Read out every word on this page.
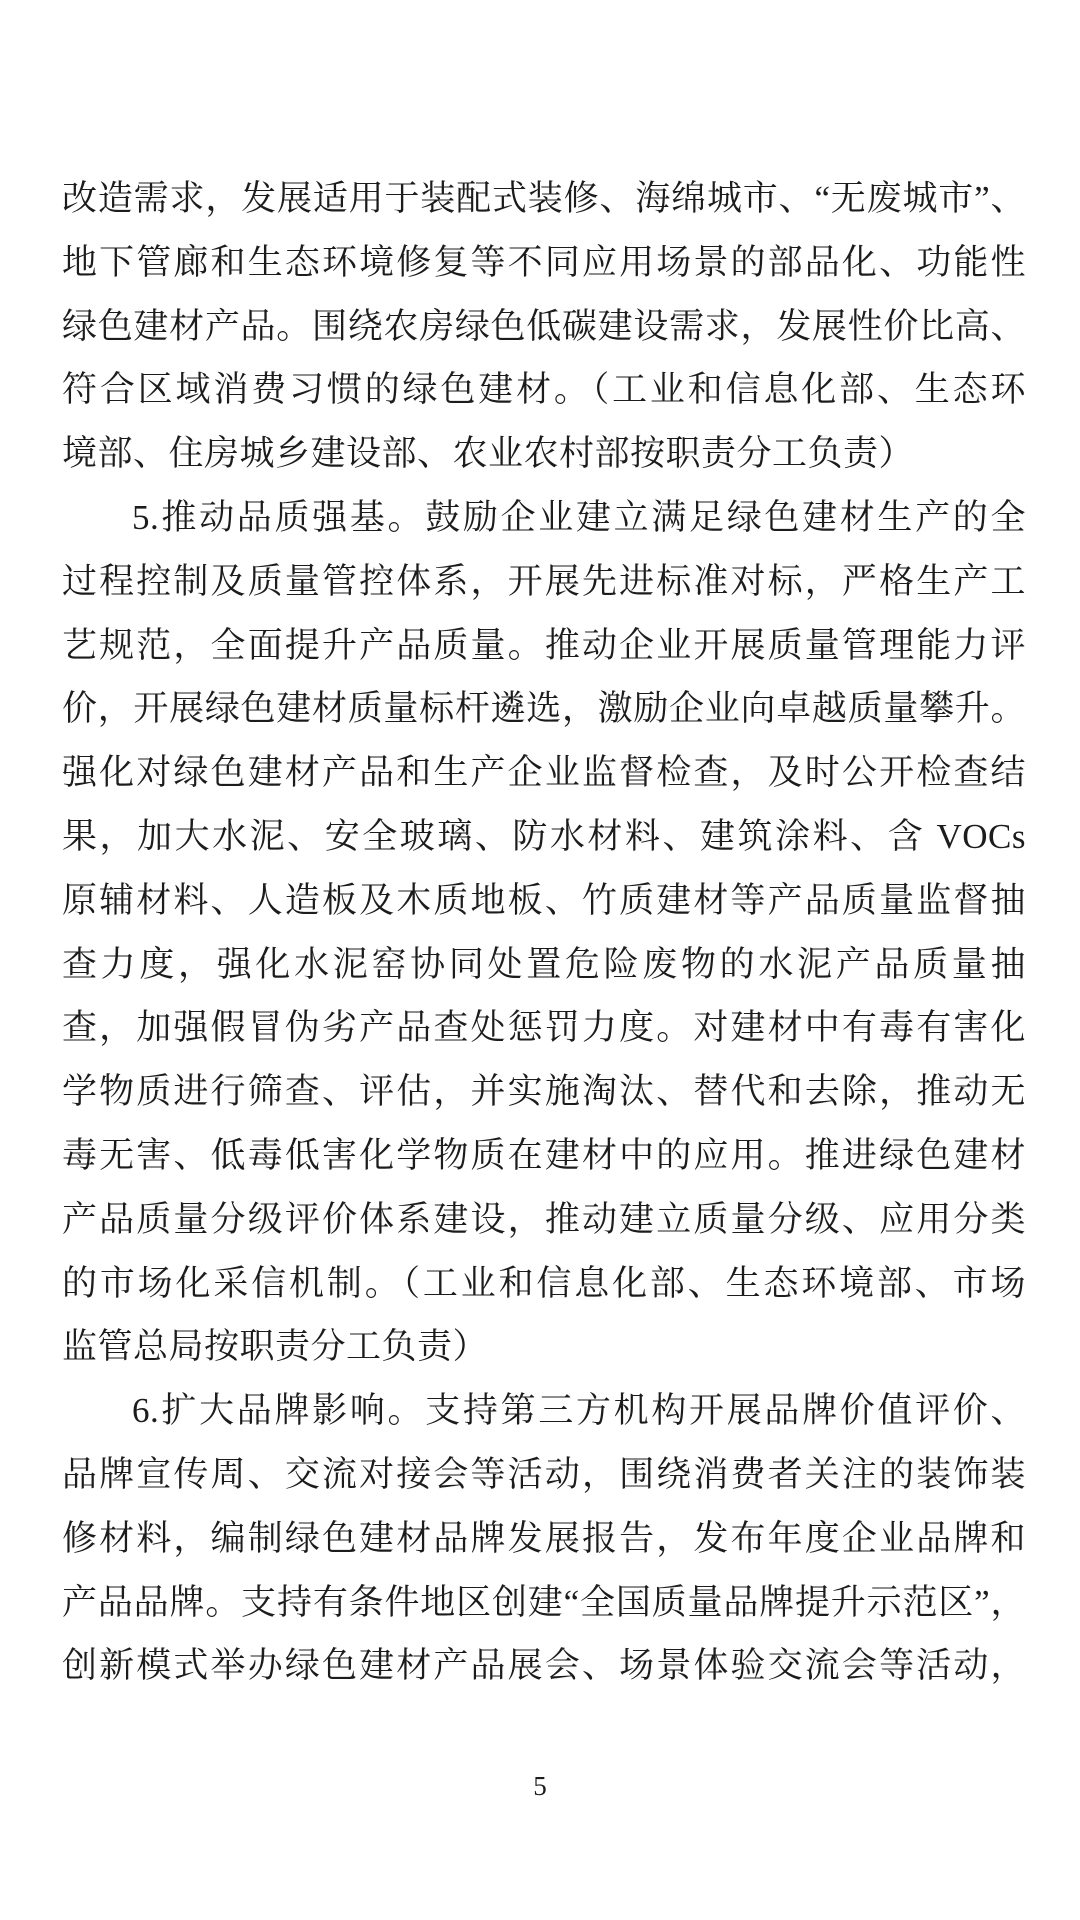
改造需求，发展适用于装配式装修、海绵城市、“无废城市”、
地下管廊和生态环境修复等不同应用场景的部品化、功能性
绿色建材产品。围绕农房绿色低碳建设需求，发展性价比高、
符合区域消费习惯的绿色建材。（工业和信息化部、生态环
境部、住房城乡建设部、农业农村部按职责分工负责）
5.推动品质强基。鼓励企业建立满足绿色建材生产的全
过程控制及质量管控体系，开展先进标准对标，严格生产工
艺规范，全面提升产品质量。推动企业开展质量管理能力评
价，开展绿色建材质量标杆遴选，激励企业向卓越质量攀升。
强化对绿色建材产品和生产企业监督检查，及时公开检查结
果，加大水泥、安全玻璃、防水材料、建筑涂料、含 VOCs
原辅材料、人造板及木质地板、竹质建材等产品质量监督抽
查力度，强化水泥窑协同处置危险废物的水泥产品质量抽
查，加强假冒伪劣产品查处惩罚力度。对建材中有毒有害化
学物质进行筛查、评估，并实施淘汰、替代和去除，推动无
毒无害、低毒低害化学物质在建材中的应用。推进绿色建材
产品质量分级评价体系建设，推动建立质量分级、应用分类
的市场化采信机制。（工业和信息化部、生态环境部、市场
监管总局按职责分工负责）
6.扩大品牌影响。支持第三方机构开展品牌价值评价、
品牌宣传周、交流对接会等活动，围绕消费者关注的装饰装
修材料，编制绿色建材品牌发展报告，发布年度企业品牌和
产品品牌。支持有条件地区创建“全国质量品牌提升示范区”，
创新模式举办绿色建材产品展会、场景体验交流会等活动，
5
